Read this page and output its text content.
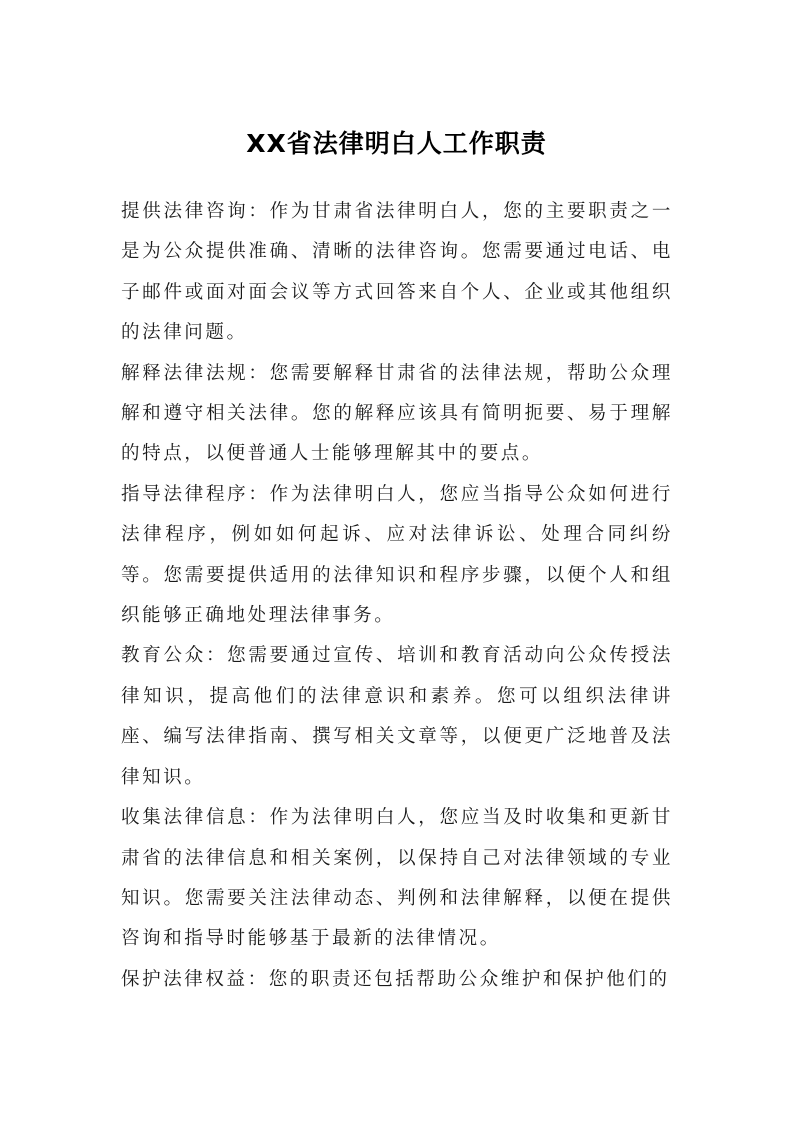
XX省法律明白人工作职责

提供法律咨询：作为甘肃省法律明白人，您的主要职责之一是为公众提供准确、清晰的法律咨询。您需要通过电话、电子邮件或面对面会议等方式回答来自个人、企业或其他组织的法律问题。

解释法律法规：您需要解释甘肃省的法律法规，帮助公众理解和遵守相关法律。您的解释应该具有简明扼要、易于理解的特点，以便普通人士能够理解其中的要点。

指导法律程序：作为法律明白人，您应当指导公众如何进行法律程序，例如如何起诉、应对法律诉讼、处理合同纠纷等。您需要提供适用的法律知识和程序步骤，以便个人和组织能够正确地处理法律事务。

教育公众：您需要通过宣传、培训和教育活动向公众传授法律知识，提高他们的法律意识和素养。您可以组织法律讲座、编写法律指南、撰写相关文章等，以便更广泛地普及法律知识。

收集法律信息：作为法律明白人，您应当及时收集和更新甘肃省的法律信息和相关案例，以保持自己对法律领域的专业知识。您需要关注法律动态、判例和法律解释，以便在提供咨询和指导时能够基于最新的法律情况。

保护法律权益：您的职责还包括帮助公众维护和保护他们的
